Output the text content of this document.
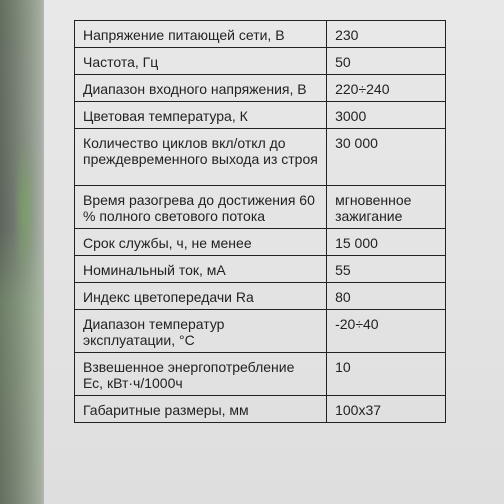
Напряжение питающей сети, В	230
Частота, Гц	50
Диапазон входного напряжения, В	220÷240
Цветовая температура, К	3000
Количество циклов вкл/откл до преждевременного выхода из строя	30 000
Время разогрева до достижения 60 % полного светового потока	мгновенное зажигание
Срок службы, ч, не менее	15 000
Номинальный ток, мА	55
Индекс цветопередачи Ra	80
Диапазон температур эксплуатации, °С	-20÷40
Взвешенное энергопотребление Ес, кВт·ч/1000ч	10
Габаритные размеры, мм	100x37
